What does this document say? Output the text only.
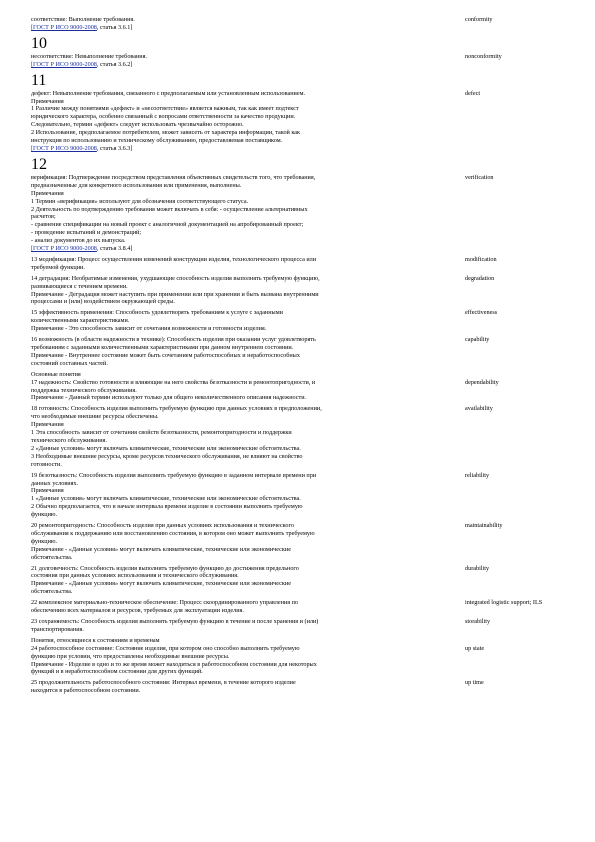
соответствие: Выполнение требования.

[ГОСТ Р ИСО 9000-2008, статья 3.6.1]

conformity

10

несоответствие: Невыполнение требования.

[ГОСТ Р ИСО 9000-2008, статья 3.6.2]

nonconformity

11

дефект: Невыполнение требования, связанного с предполагаемым или установленным использованием.

Примечания

1 Различие между понятиями «дефект» и «несоответствие» является важным, так как имеет подтекст

юридического характера, особенно связанный с вопросами ответственности за качество продукции.

Следовательно, термин «дефект» следует использовать чрезвычайно осторожно.

2 Использование, предполагаемое потребителем, может зависеть от характера информации, такой как

инструкция по использованию и техническому обслуживанию, предоставляемая поставщиком.

[ГОСТ Р ИСО 9000-2008, статья 3.6.3]

defect

12

верификация: Подтверждение посредством представления объективных свидетельств того, что требования,

предназначенные для конкретного использования или применения, выполнены.

Примечания

1 Термин «верификация» используют для обозначения соответствующего статуса.

2 Деятельность по подтверждению требования может включать в себя: - осуществление альтернативных

расчетов;

- сравнение спецификации на новый проект с аналогичной документацией на апробированный проект;

- проведение испытаний и демонстраций;

- анализ документов до их выпуска.

[ГОСТ Р ИСО 9000-2008, статья 3.8.4]

verification

13 модификация: Процесс осуществления изменений конструкции изделия, технологического процесса или

требуемой функции.

modification

14 деградация: Необратимые изменения, ухудшающие способность изделия выполнять требуемую функцию,

развивающиеся с течением времени.

Примечание - Деградация может наступить при применении или при хранении и быть вызвана внутренними

процессами и (или) воздействием окружающей среды.

degradation

15 эффективность применения: Способность удовлетворять требованиям к услуге с заданными

количественными характеристиками.

Примечание - Это способность зависит от сочетания возможности и готовности изделия.

effectiveness

16 возможность (в области надежности в технике): Способность изделия при оказании услуг удовлетворять

требованиям с заданными количественными характеристиками при данном внутреннем состоянии.

Примечание - Внутреннее состояние может быть сочетанием работоспособных и неработоспособных

состояний составных частей.

capability

Основные понятия

17 надежность: Свойство готовности и влияющие на него свойства безотказности и ремонтопригодности, и

поддержка технического обслуживания.

Примечание - Данный термин используют только для общего неколичественного описания надежности.

dependability

18 готовность: Способность изделия выполнить требуемую функцию при данных условиях в предположении,

что необходимые внешние ресурсы обеспечены.

Примечания

1 Эта способность зависит от сочетания свойств безотказности, ремонтопригодности и поддержки

технического обслуживания.

2 «Данные условия» могут включать климатические, технические или экономические обстоятельства.

3 Необходимые внешние ресурсы, кроме ресурсов технического обслуживания, не влияют на свойство

готовности.

availability

19 безотказность: Способность изделия выполнить требуемую функцию в заданном интервале времени при

данных условиях.

Примечания

1 «Данные условия» могут включать климатические, технические или экономические обстоятельства.

2 Обычно предполагается, что в начале интервала времени изделие в состоянии выполнить требуемую

функцию.

reliability

20 ремонтопригодность: Способность изделия при данных условиях использования и технического

обслуживания к поддержанию или восстановлению состояния, в котором оно может выполнить требуемую

функцию.

Примечание - «Данные условия» могут включать климатические, технические или экономические

обстоятельства.

maintainability

21 долговечность: Способность изделия выполнить требуемую функцию до достижения предельного

состояния при данных условиях использования и технического обслуживания.

Примечание - «Данные условия» могут включать климатические, технические или экономические

обстоятельства.

durability

22 комплексное материально-техническое обеспечение: Процесс скоординированного управления по

обеспечению всех материалов и ресурсов, требуемых для эксплуатации изделия.

integrated logistic support; ILS

23 сохраняемость: Способность изделия выполнять требуемую функцию в течение и после хранения и (или)

транспортирования.

storability

Понятия, относящиеся к состояниям и временам

24 работоспособное состояние: Состояние изделия, при котором оно способно выполнить требуемую

функцию при условии, что предоставлены необходимые внешние ресурсы.

Примечание - Изделие в одно и то же время может находиться в работоспособном состоянии для некоторых

функций и в неработоспособном состоянии для других функций.

up state

25 продолжительность работоспособного состояния: Интервал времени, в течение которого изделие

находится в работоспособном состоянии.

up time
